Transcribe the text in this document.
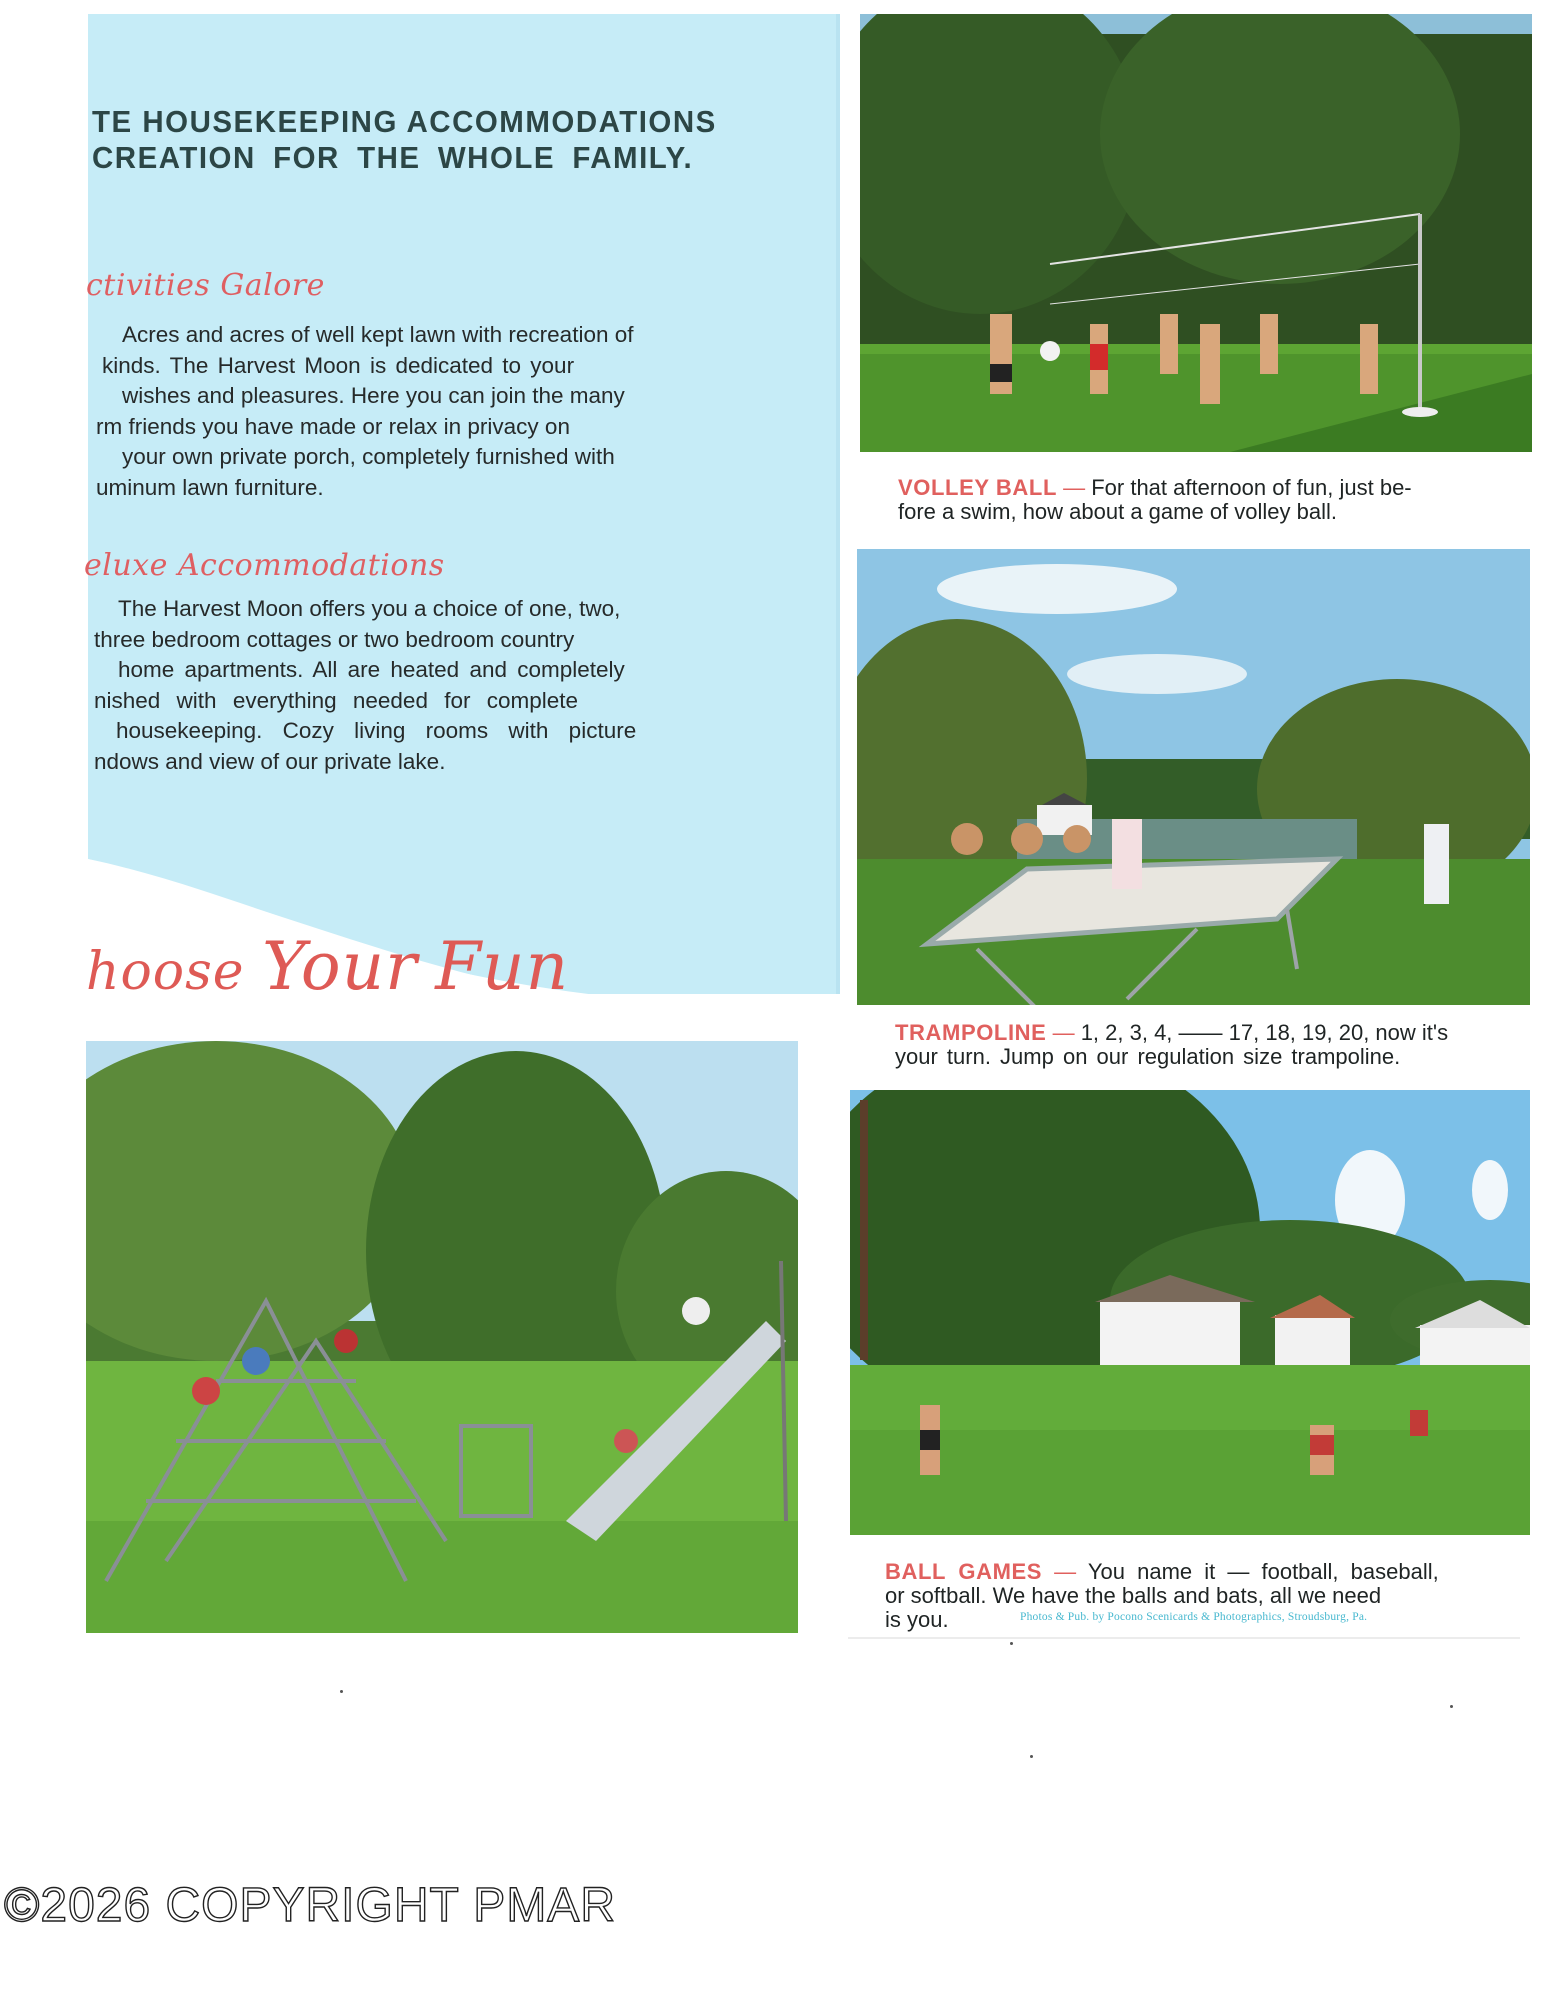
TE HOUSEKEEPING ACCOMMODATIONS
CREATION FOR THE WHOLE FAMILY.
ctivities Galore
Acres and acres of well kept lawn with recreation of
kinds. The Harvest Moon is dedicated to your
wishes and pleasures. Here you can join the many
rm friends you have made or relax in privacy on
your own private porch, completely furnished with
uminum lawn furniture.
eluxe Accommodations
The Harvest Moon offers you a choice of one, two,
three bedroom cottages or two bedroom country
home apartments. All are heated and completely
nished with everything needed for complete
housekeeping. Cozy living rooms with picture
ndows and view of our private lake.
hoose Your Fun
VOLLEY BALL — For that afternoon of fun, just be-
fore a swim, how about a game of volley ball.
TRAMPOLINE — 1, 2, 3, 4, —— 17, 18, 19, 20, now it's
your turn. Jump on our regulation size trampoline.
BALL GAMES — You name it — football, baseball,
or softball. We have the balls and bats, all we need
is you.	Photos & Pub. by Pocono Scenicards & Photographics, Stroudsburg, Pa.
©2026 COPYRIGHT PMAR
